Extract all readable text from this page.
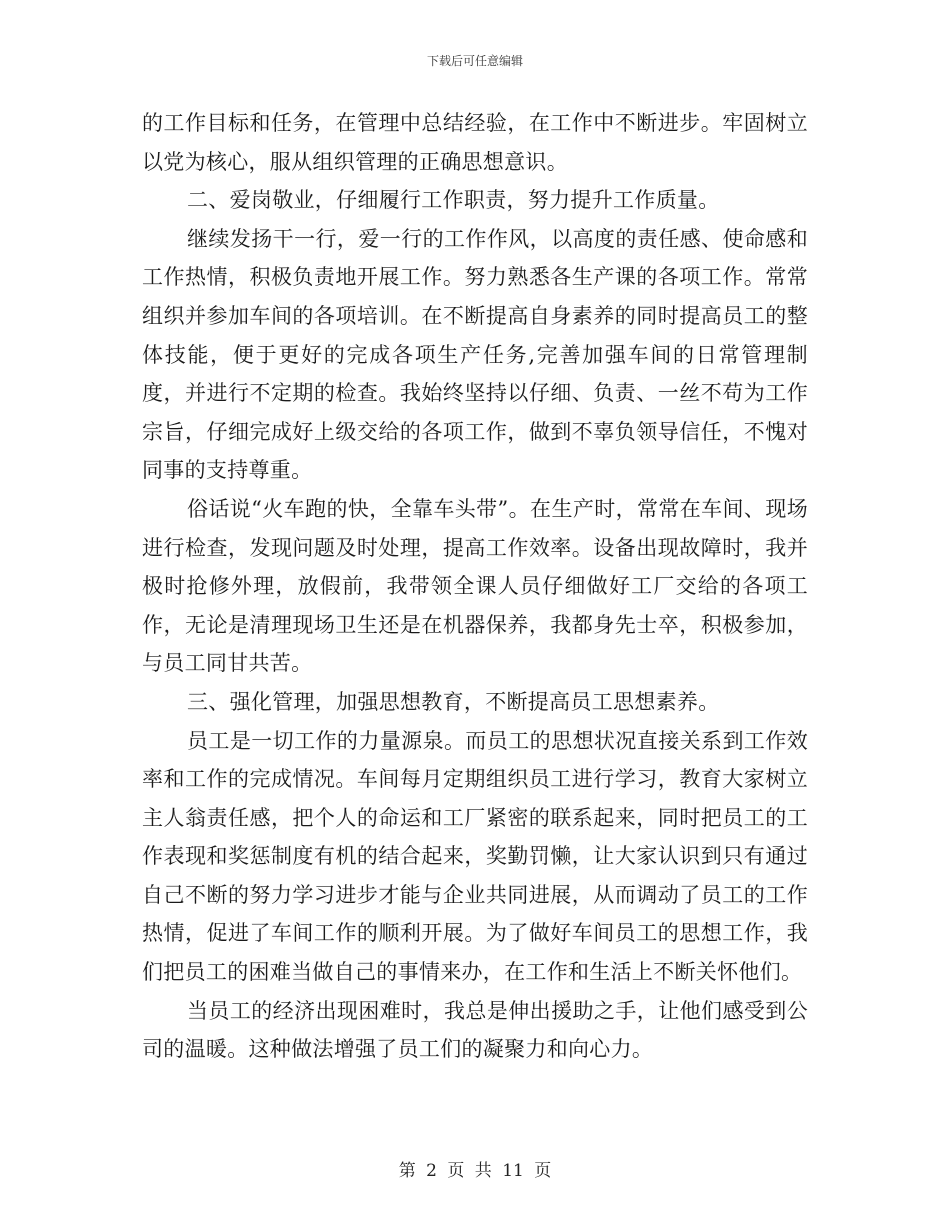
下载后可任意编辑

的工作目标和任务，在管理中总结经验，在工作中不断进步。牢固树立以党为核心，服从组织管理的正确思想意识。

二、爱岗敬业，仔细履行工作职责，努力提升工作质量。

继续发扬干一行，爱一行的工作作风，以高度的责任感、使命感和工作热情，积极负责地开展工作。努力熟悉各生产课的各项工作。常常组织并参加车间的各项培训。在不断提高自身素养的同时提高员工的整体技能，便于更好的完成各项生产任务,完善加强车间的日常管理制度，并进行不定期的检查。我始终坚持以仔细、负责、一丝不苟为工作宗旨，仔细完成好上级交给的各项工作，做到不辜负领导信任，不愧对同事的支持尊重。

俗话说“火车跑的快，全靠车头带”。在生产时，常常在车间、现场进行检查，发现问题及时处理，提高工作效率。设备出现故障时，我并极时抢修外理，放假前，我带领全课人员仔细做好工厂交给的各项工作，无论是清理现场卫生还是在机器保养，我都身先士卒，积极参加，与员工同甘共苦。

三、强化管理，加强思想教育，不断提高员工思想素养。

员工是一切工作的力量源泉。而员工的思想状况直接关系到工作效率和工作的完成情况。车间每月定期组织员工进行学习，教育大家树立主人翁责任感，把个人的命运和工厂紧密的联系起来，同时把员工的工作表现和奖惩制度有机的结合起来，奖勤罚懒，让大家认识到只有通过自己不断的努力学习进步才能与企业共同进展，从而调动了员工的工作热情，促进了车间工作的顺利开展。为了做好车间员工的思想工作，我们把员工的困难当做自己的事情来办，在工作和生活上不断关怀他们。

当员工的经济出现困难时，我总是伸出援助之手，让他们感受到公司的温暖。这种做法增强了员工们的凝聚力和向心力。

第 2 页 共 11 页
